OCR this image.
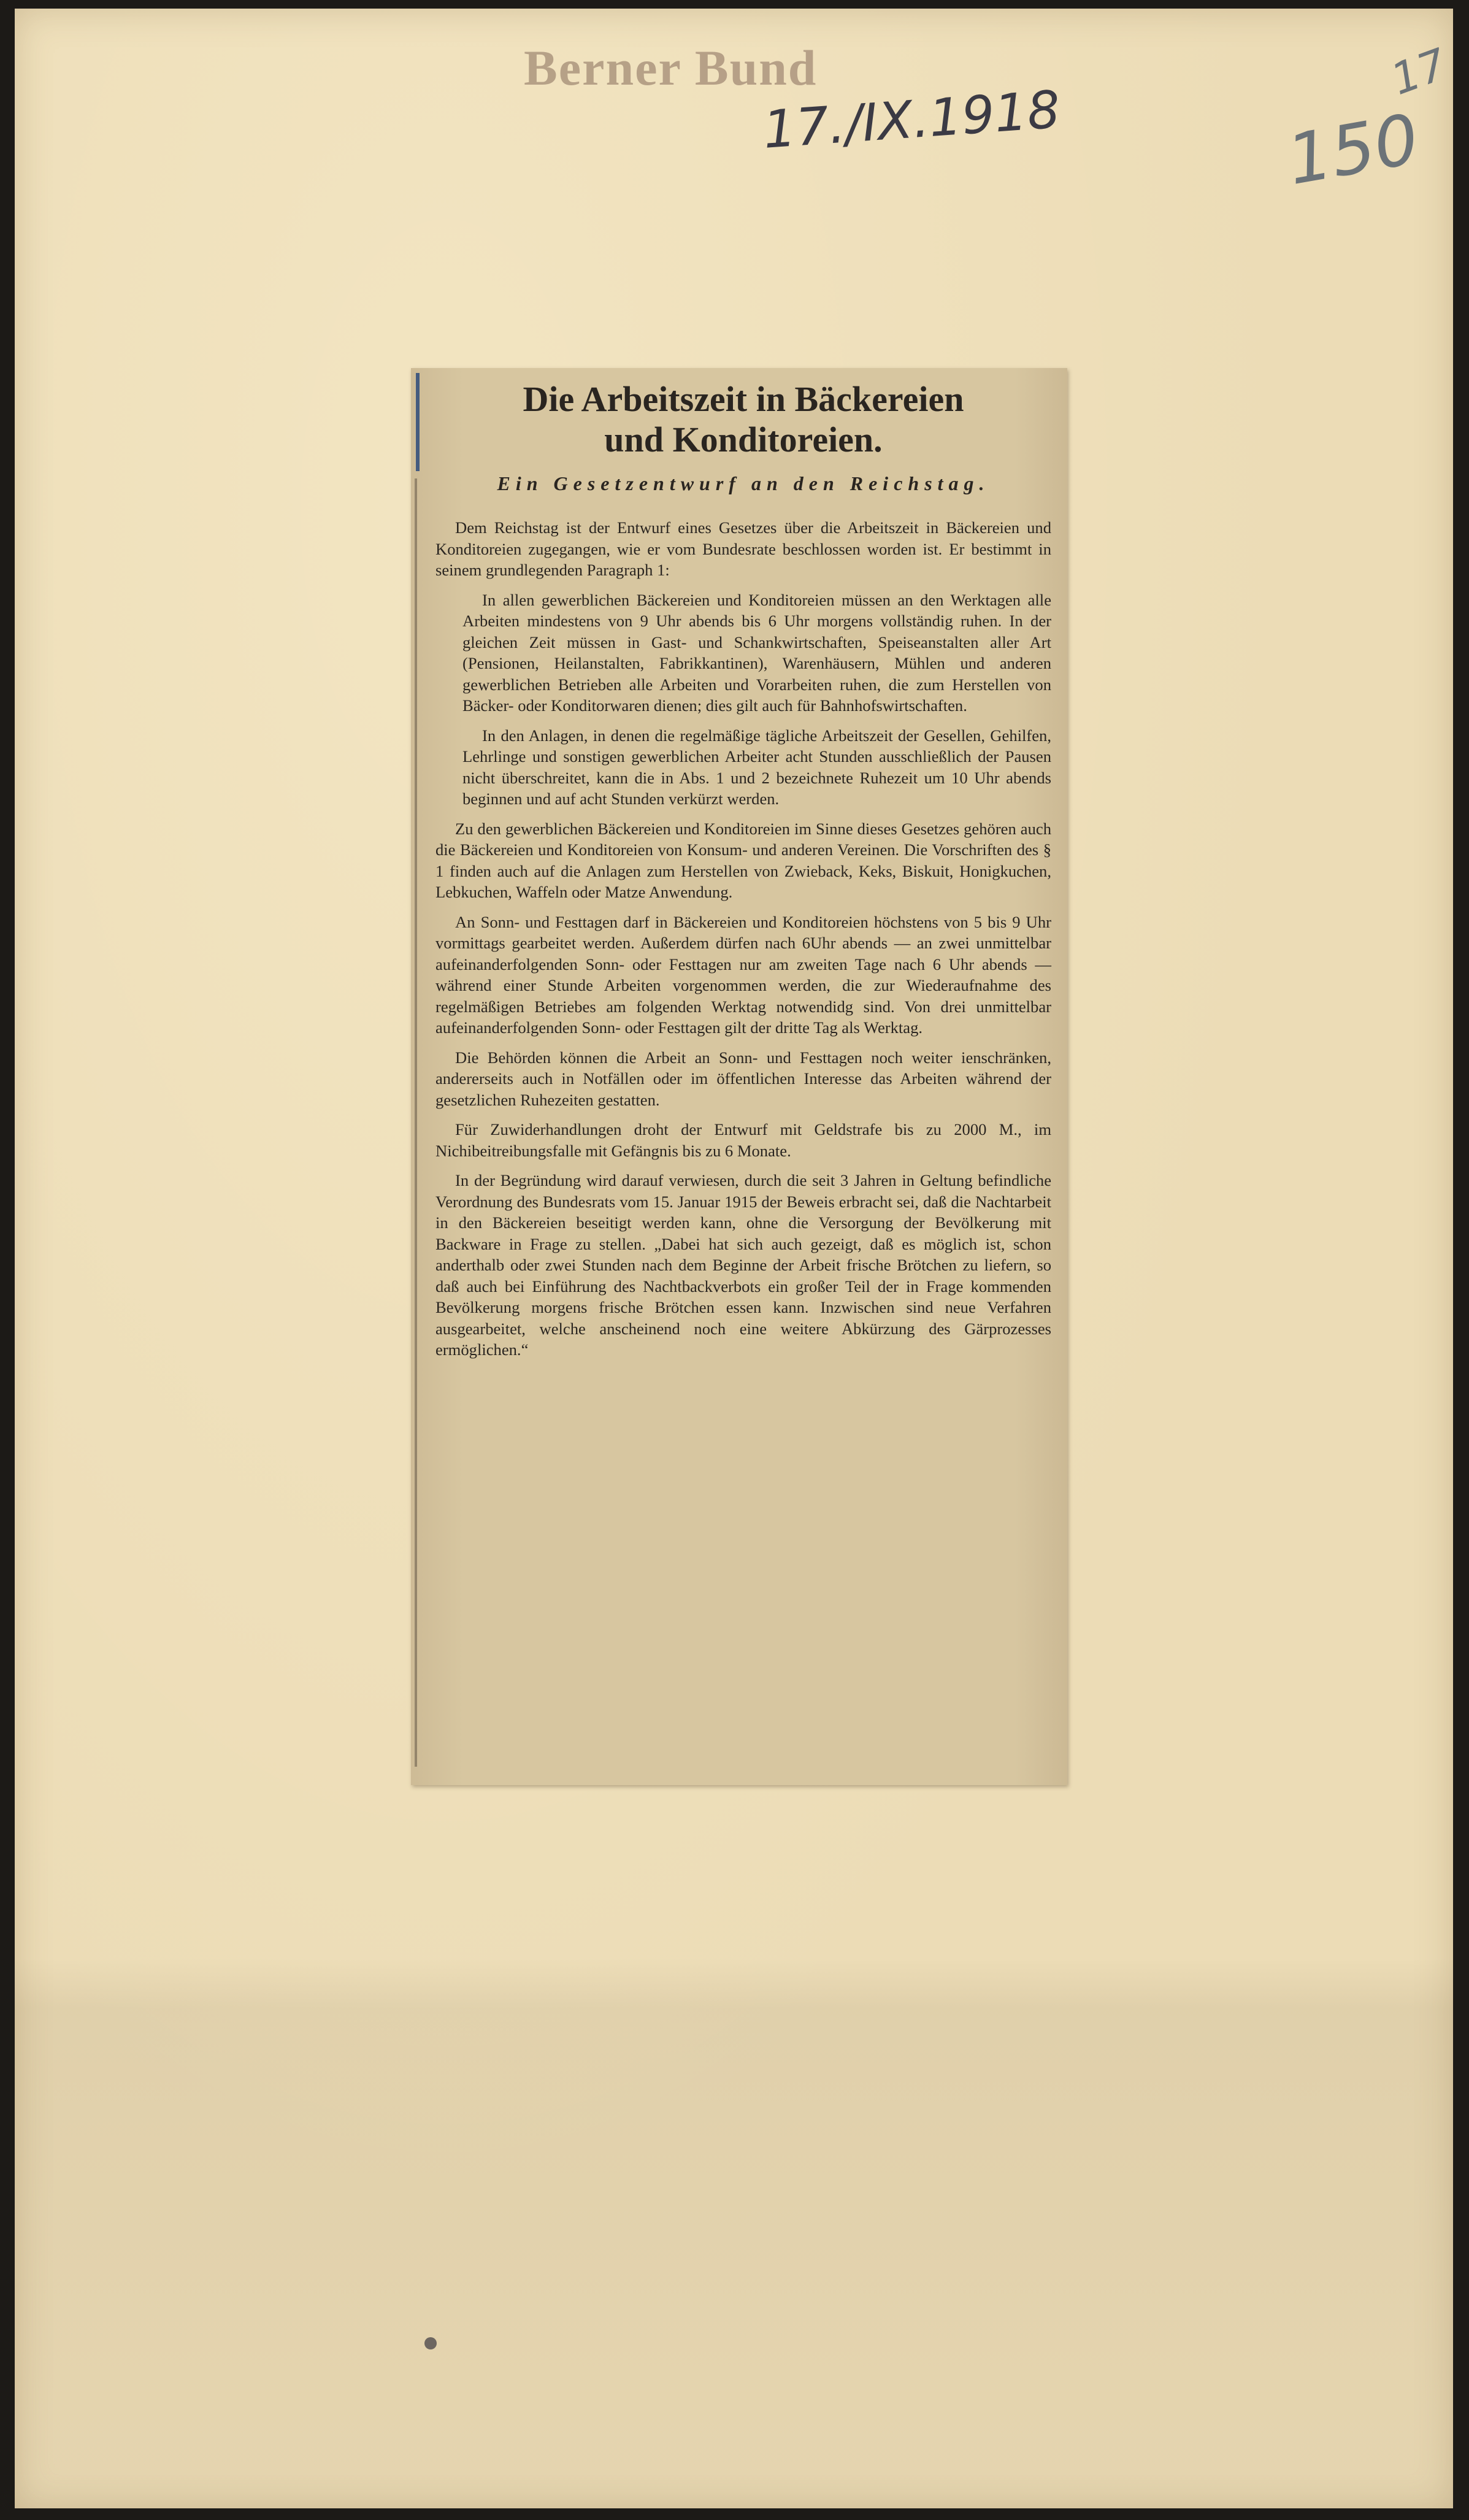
Berner Bund
17./IX.1918	150
17
Die Arbeitszeit in Bäckereien
und Konditoreien.
Ein Gesetzentwurf an den Reichstag.

Dem Reichstag ist der Entwurf eines Gesetzes über die Arbeitszeit in Bäckereien und Konditoreien zugegangen, wie er vom Bundesrate beschlossen worden ist. Er bestimmt in seinem grundlegenden Paragraph 1:

In allen gewerblichen Bäckereien und Konditoreien müssen an den Werktagen alle Arbeiten mindestens von 9 Uhr abends bis 6 Uhr morgens vollständig ruhen. In der gleichen Zeit müssen in Gast- und Schankwirtschaften, Speiseanstalten aller Art (Pensionen, Heilanstalten, Fabrikkantinen), Warenhäusern, Mühlen und anderen gewerblichen Betrieben alle Arbeiten und Vorarbeiten ruhen, die zum Herstellen von Bäcker- oder Konditorwaren dienen; dies gilt auch für Bahnhofswirtschaften.

In den Anlagen, in denen die regelmäßige tägliche Arbeitszeit der Gesellen, Gehilfen, Lehrlinge und sonstigen gewerblichen Arbeiter acht Stunden ausschließlich der Pausen nicht überschreitet, kann die in Abs. 1 und 2 bezeichnete Ruhezeit um 10 Uhr abends beginnen und auf acht Stunden verkürzt werden.

Zu den gewerblichen Bäckereien und Konditoreien im Sinne dieses Gesetzes gehören auch die Bäckereien und Konditoreien von Konsum- und anderen Vereinen. Die Vorschriften des § 1 finden auch auf die Anlagen zum Herstellen von Zwieback, Keks, Biskuit, Honigkuchen, Lebkuchen, Waffeln oder Matze Anwendung.

An Sonn- und Festtagen darf in Bäckereien und Konditoreien höchstens von 5 bis 9 Uhr vormittags gearbeitet werden. Außerdem dürfen nach 6Uhr abends — an zwei unmittelbar aufeinanderfolgenden Sonn- oder Festtagen nur am zweiten Tage nach 6 Uhr abends — während einer Stunde Arbeiten vorgenommen werden, die zur Wiederaufnahme des regelmäßigen Betriebes am folgenden Werktag notwendidg sind. Von drei unmittelbar aufeinanderfolgenden Sonn- oder Festtagen gilt der dritte Tag als Werktag.

Die Behörden können die Arbeit an Sonn- und Festtagen noch weiter ienschränken, andererseits auch in Notfällen oder im öffentlichen Interesse das Arbeiten während der gesetzlichen Ruhezeiten gestatten.

Für Zuwiderhandlungen droht der Entwurf mit Geldstrafe bis zu 2000 M., im Nichibeitreibungsfalle mit Gefängnis bis zu 6 Monate.

In der Begründung wird darauf verwiesen, durch die seit 3 Jahren in Geltung befindliche Verordnung des Bundesrats vom 15. Januar 1915 der Beweis erbracht sei, daß die Nachtarbeit in den Bäckereien beseitigt werden kann, ohne die Versorgung der Bevölkerung mit Backware in Frage zu stellen. „Dabei hat sich auch gezeigt, daß es möglich ist, schon anderthalb oder zwei Stunden nach dem Beginne der Arbeit frische Brötchen zu liefern, so daß auch bei Einführung des Nachtbackverbots ein großer Teil der in Frage kommenden Bevölkerung morgens frische Brötchen essen kann. Inzwischen sind neue Verfahren ausgearbeitet, welche anscheinend noch eine weitere Abkürzung des Gärprozesses ermöglichen.“
